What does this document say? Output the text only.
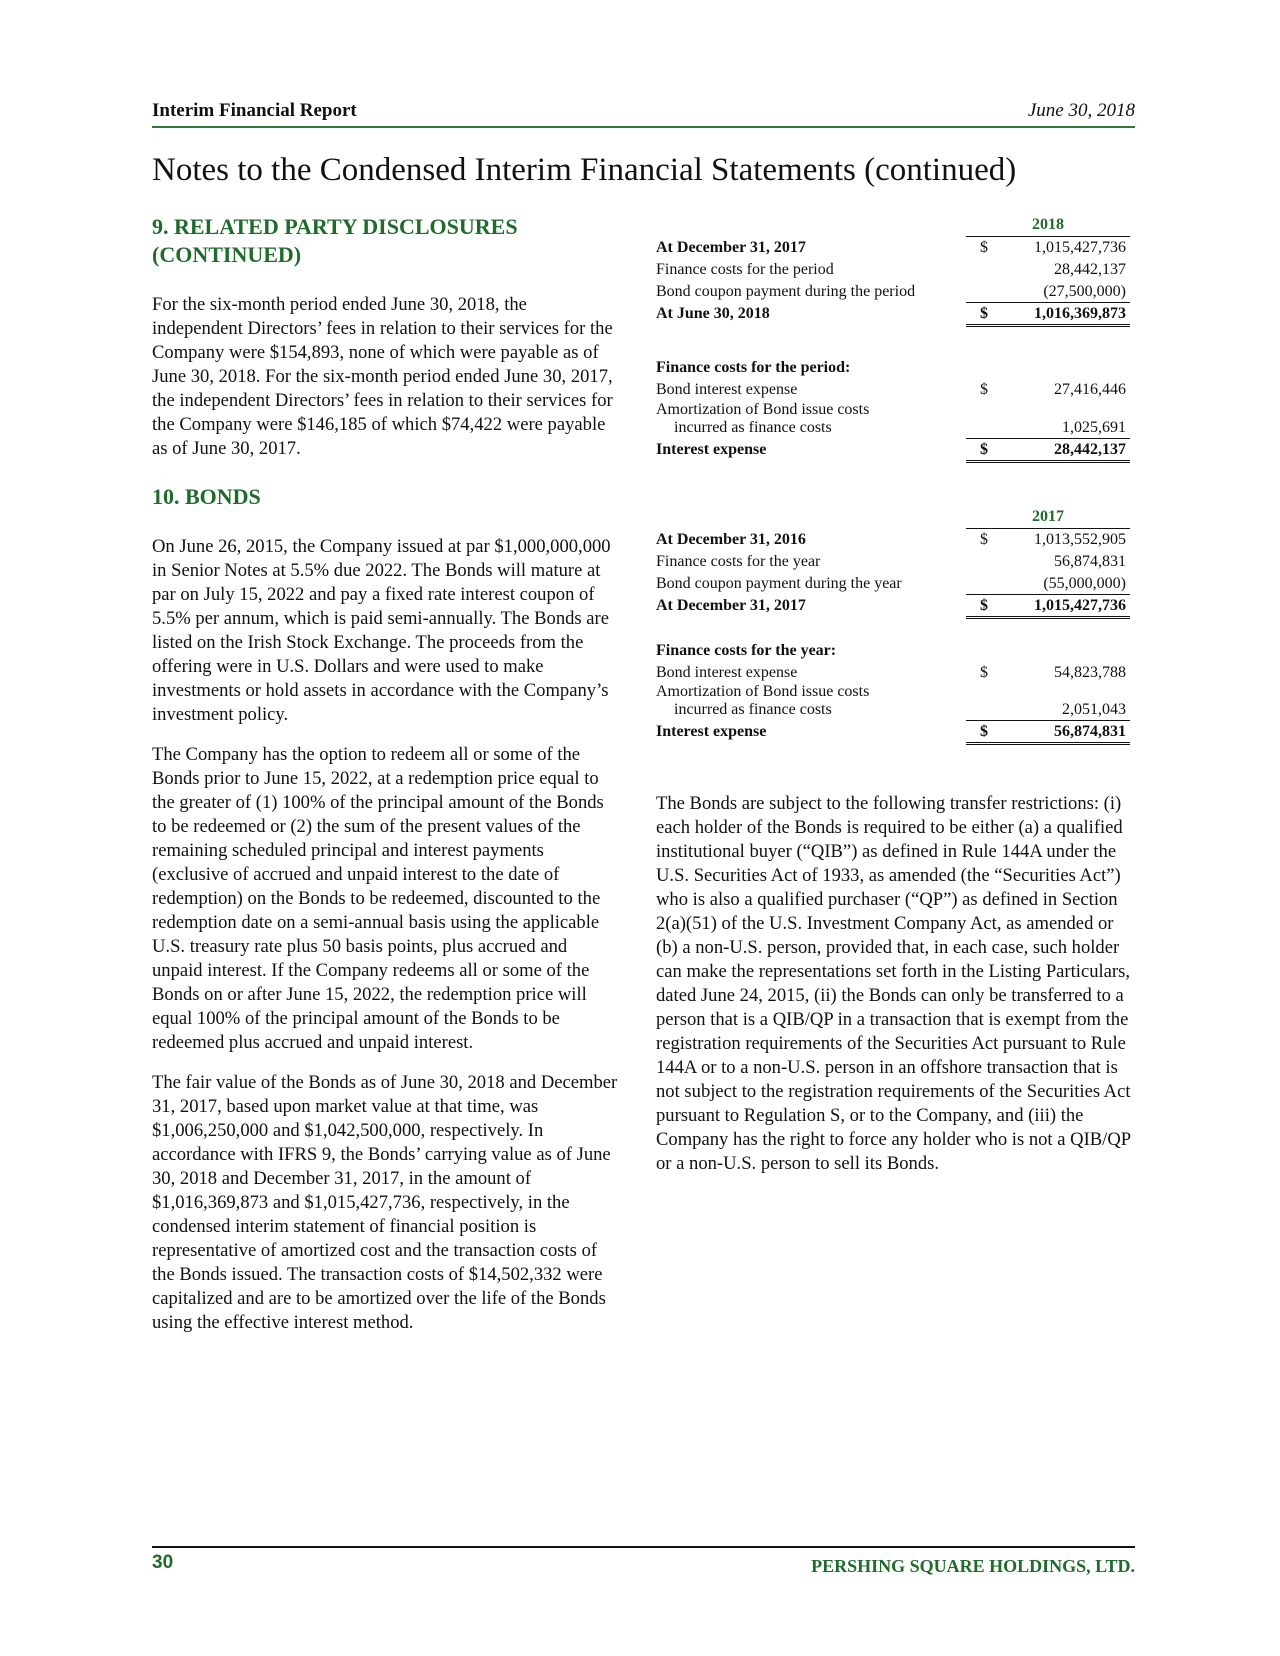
Interim Financial Report	June 30, 2018
Notes to the Condensed Interim Financial Statements (continued)

9. RELATED PARTY DISCLOSURES

(CONTINUED)

For the six-month period ended June 30, 2018, the independent Directors’ fees in relation to their services for the Company were $154,893, none of which were payable as of June 30, 2018. For the six-month period ended June 30, 2017, the independent Directors’ fees in relation to their services for the Company were $146,185 of which $74,422 were payable as of June 30, 2017.

10. BONDS

On June 26, 2015, the Company issued at par $1,000,000,000 in Senior Notes at 5.5% due 2022. The Bonds will mature at par on July 15, 2022 and pay a fixed rate interest coupon of 5.5% per annum, which is paid semi-annually. The Bonds are listed on the Irish Stock Exchange. The proceeds from the offering were in U.S. Dollars and were used to make investments or hold assets in accordance with the Company’s investment policy.

The Company has the option to redeem all or some of the Bonds prior to June 15, 2022, at a redemption price equal to the greater of (1) 100% of the principal amount of the Bonds to be redeemed or (2) the sum of the present values of the remaining scheduled principal and interest payments (exclusive of accrued and unpaid interest to the date of redemption) on the Bonds to be redeemed, discounted to the redemption date on a semi-annual basis using the applicable U.S. treasury rate plus 50 basis points, plus accrued and unpaid interest. If the Company redeems all or some of the Bonds on or after June 15, 2022, the redemption price will equal 100% of the principal amount of the Bonds to be redeemed plus accrued and unpaid interest.

The fair value of the Bonds as of June 30, 2018 and December 31, 2017, based upon market value at that time, was $1,006,250,000 and $1,042,500,000, respectively. In accordance with IFRS 9, the Bonds’ carrying value as of June 30, 2018 and December 31, 2017, in the amount of $1,016,369,873 and $1,015,427,736, respectively, in the condensed interim statement of financial position is representative of amortized cost and the transaction costs of the Bonds issued. The transaction costs of $14,502,332 were capitalized and are to be amortized over the life of the Bonds using the effective interest method.

2018
At December 31, 2017	$	1,015,427,736
Finance costs for the period	28,442,137
Bond coupon payment during the period	(27,500,000)
At June 30, 2018	$	1,016,369,873
Finance costs for the period:
Bond interest expense	$	27,416,446
Amortization of Bond issue costs
incurred as finance costs	1,025,691
Interest expense	$	28,442,137
2017
At December 31, 2016	$	1,013,552,905
Finance costs for the year	56,874,831
Bond coupon payment during the year	(55,000,000)
At December 31, 2017	$	1,015,427,736
Finance costs for the year:
Bond interest expense	$	54,823,788
Amortization of Bond issue costs
incurred as finance costs	2,051,043
Interest expense	$	56,874,831

The Bonds are subject to the following transfer restrictions: (i) each holder of the Bonds is required to be either (a) a qualified institutional buyer (“QIB”) as defined in Rule 144A under the U.S. Securities Act of 1933, as amended (the “Securities Act”) who is also a qualified purchaser (“QP”) as defined in Section 2(a)(51) of the U.S. Investment Company Act, as amended or (b) a non-U.S. person, provided that, in each case, such holder can make the representations set forth in the Listing Particulars, dated June 24, 2015, (ii) the Bonds can only be transferred to a person that is a QIB/QP in a transaction that is exempt from the registration requirements of the Securities Act pursuant to Rule 144A or to a non-U.S. person in an offshore transaction that is not subject to the registration requirements of the Securities Act pursuant to Regulation S, or to the Company, and (iii) the Company has the right to force any holder who is not a QIB/QP or a non-U.S. person to sell its Bonds.

30	PERSHING SQUARE HOLDINGS, LTD.
